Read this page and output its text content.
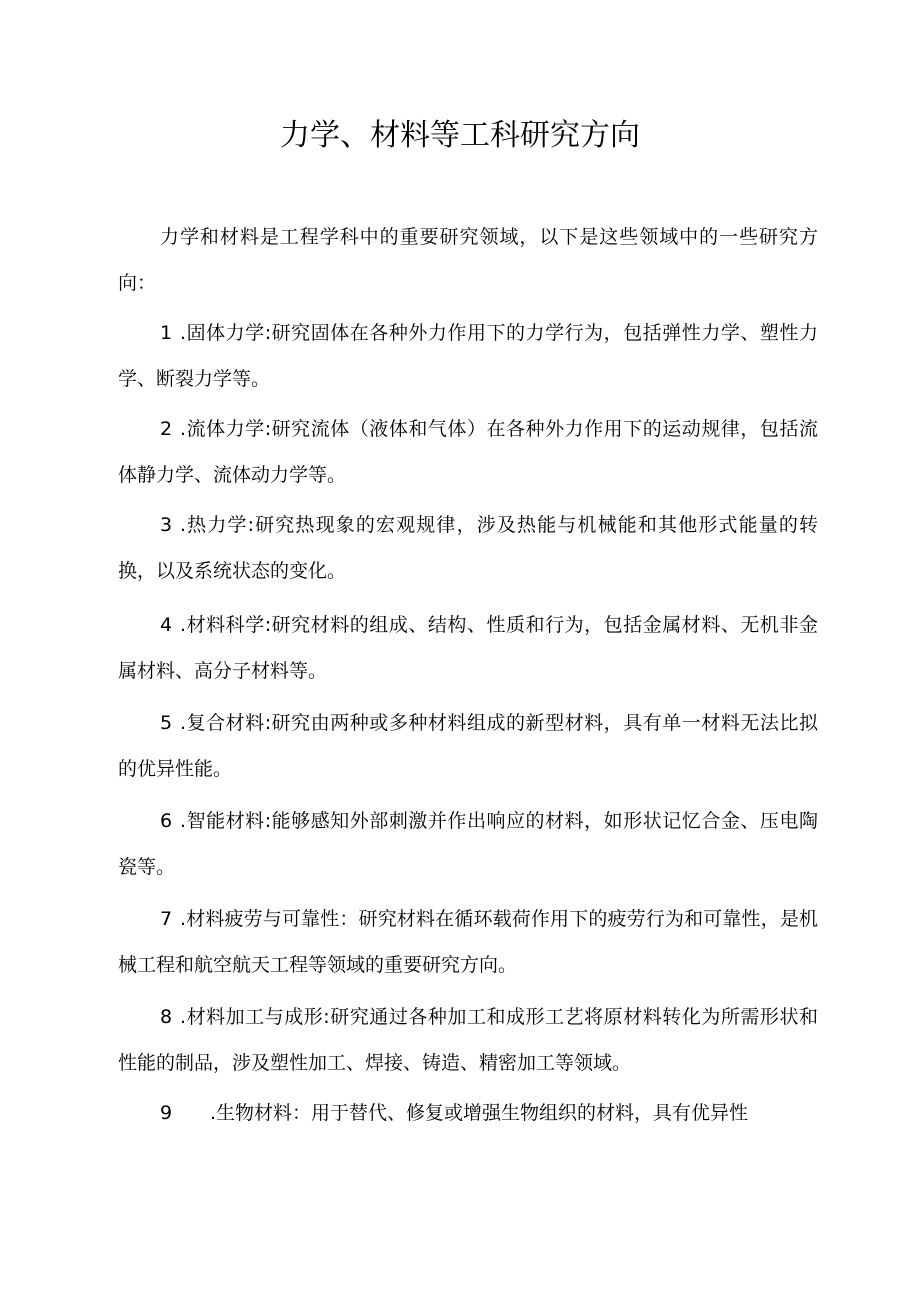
力学、材料等工科研究方向
力学和材料是工程学科中的重要研究领域，以下是这些领域中的一些研究方向：
1 .固体力学:研究固体在各种外力作用下的力学行为，包括弹性力学、塑性力学、断裂力学等。
2 .流体力学:研究流体（液体和气体）在各种外力作用下的运动规律，包括流体静力学、流体动力学等。
3 .热力学:研究热现象的宏观规律，涉及热能与机械能和其他形式能量的转换，以及系统状态的变化。
4 .材料科学:研究材料的组成、结构、性质和行为，包括金属材料、无机非金属材料、高分子材料等。
5 .复合材料:研究由两种或多种材料组成的新型材料，具有单一材料无法比拟的优异性能。
6 .智能材料:能够感知外部刺激并作出响应的材料，如形状记忆合金、压电陶瓷等。
7 .材料疲劳与可靠性：研究材料在循环载荷作用下的疲劳行为和可靠性，是机械工程和航空航天工程等领域的重要研究方向。
8 .材料加工与成形:研究通过各种加工和成形工艺将原材料转化为所需形状和性能的制品，涉及塑性加工、焊接、铸造、精密加工等领域。
9 .生物材料：用于替代、修复或增强生物组织的材料，具有优异性
